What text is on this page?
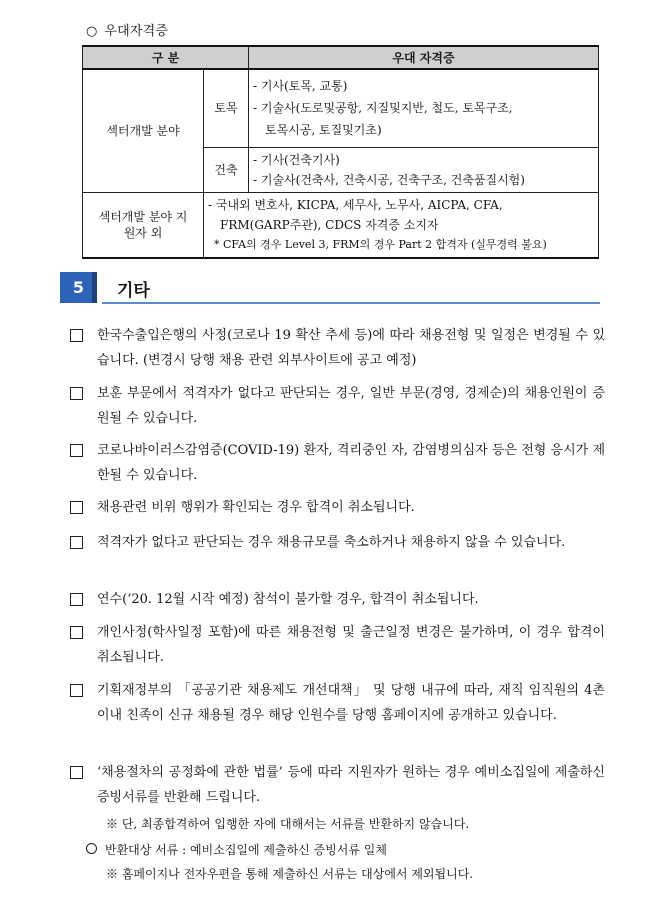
○ 우대자격증
구 분		우대 자격증
섹터개발 분야	토목	- 기사(토목, 교통)
- 기술사(도로및공항, 지질및지반, 철도, 토목구조,
토목시공, 토질및기초)

	건축	- 기사(건축기사)
- 기술사(건축사, 건축시공, 건축구조, 건축품질시험)

섹터개발 분야 지원자 외	- 국내외 변호사, KICPA, 세무사, 노무사, AICPA, CFA,
FRM(GARP주관), CDCS 자격증 소지자
* CFA의 경우 Level 3, FRM의 경우 Part 2 합격자 (실무경력 불요)	
5 기타
한국수출입은행의 사정(코로나 19 확산 추세 등)에 따라 채용전형 및 일정은 변경될 수 있습니다. (변경시 당행 채용 관련 외부사이트에 공고 예정)
보훈 부문에서 적격자가 없다고 판단되는 경우, 일반 부문(경영, 경제순)의 채용인원이 증원될 수 있습니다.
코로나바이러스감염증(COVID-19) 환자, 격리중인 자, 감염병의심자 등은 전형 응시가 제한될 수 있습니다.
채용관련 비위 행위가 확인되는 경우 합격이 취소됩니다.
적격자가 없다고 판단되는 경우 채용규모를 축소하거나 채용하지 않을 수 있습니다.
연수(‘20. 12월 시작 예정) 참석이 불가할 경우, 합격이 취소됩니다.
개인사정(학사일정 포함)에 따른 채용전형 및 출근일정 변경은 불가하며, 이 경우 합격이 취소됩니다.
기획재정부의 「공공기관 채용제도 개선대책」 및 당행 내규에 따라, 재직 임직원의 4촌 이내 친족이 신규 채용될 경우 해당 인원수를 당행 홈페이지에 공개하고 있습니다.
‘채용절차의 공정화에 관한 법률’ 등에 따라 지원자가 원하는 경우 예비소집일에 제출하신 증빙서류를 반환해 드립니다.
※ 단, 최종합격하여 입행한 자에 대해서는 서류를 반환하지 않습니다.
반환대상 서류 : 예비소집일에 제출하신 증빙서류 일체
※ 홈페이지나 전자우편을 통해 제출하신 서류는 대상에서 제외됩니다.
